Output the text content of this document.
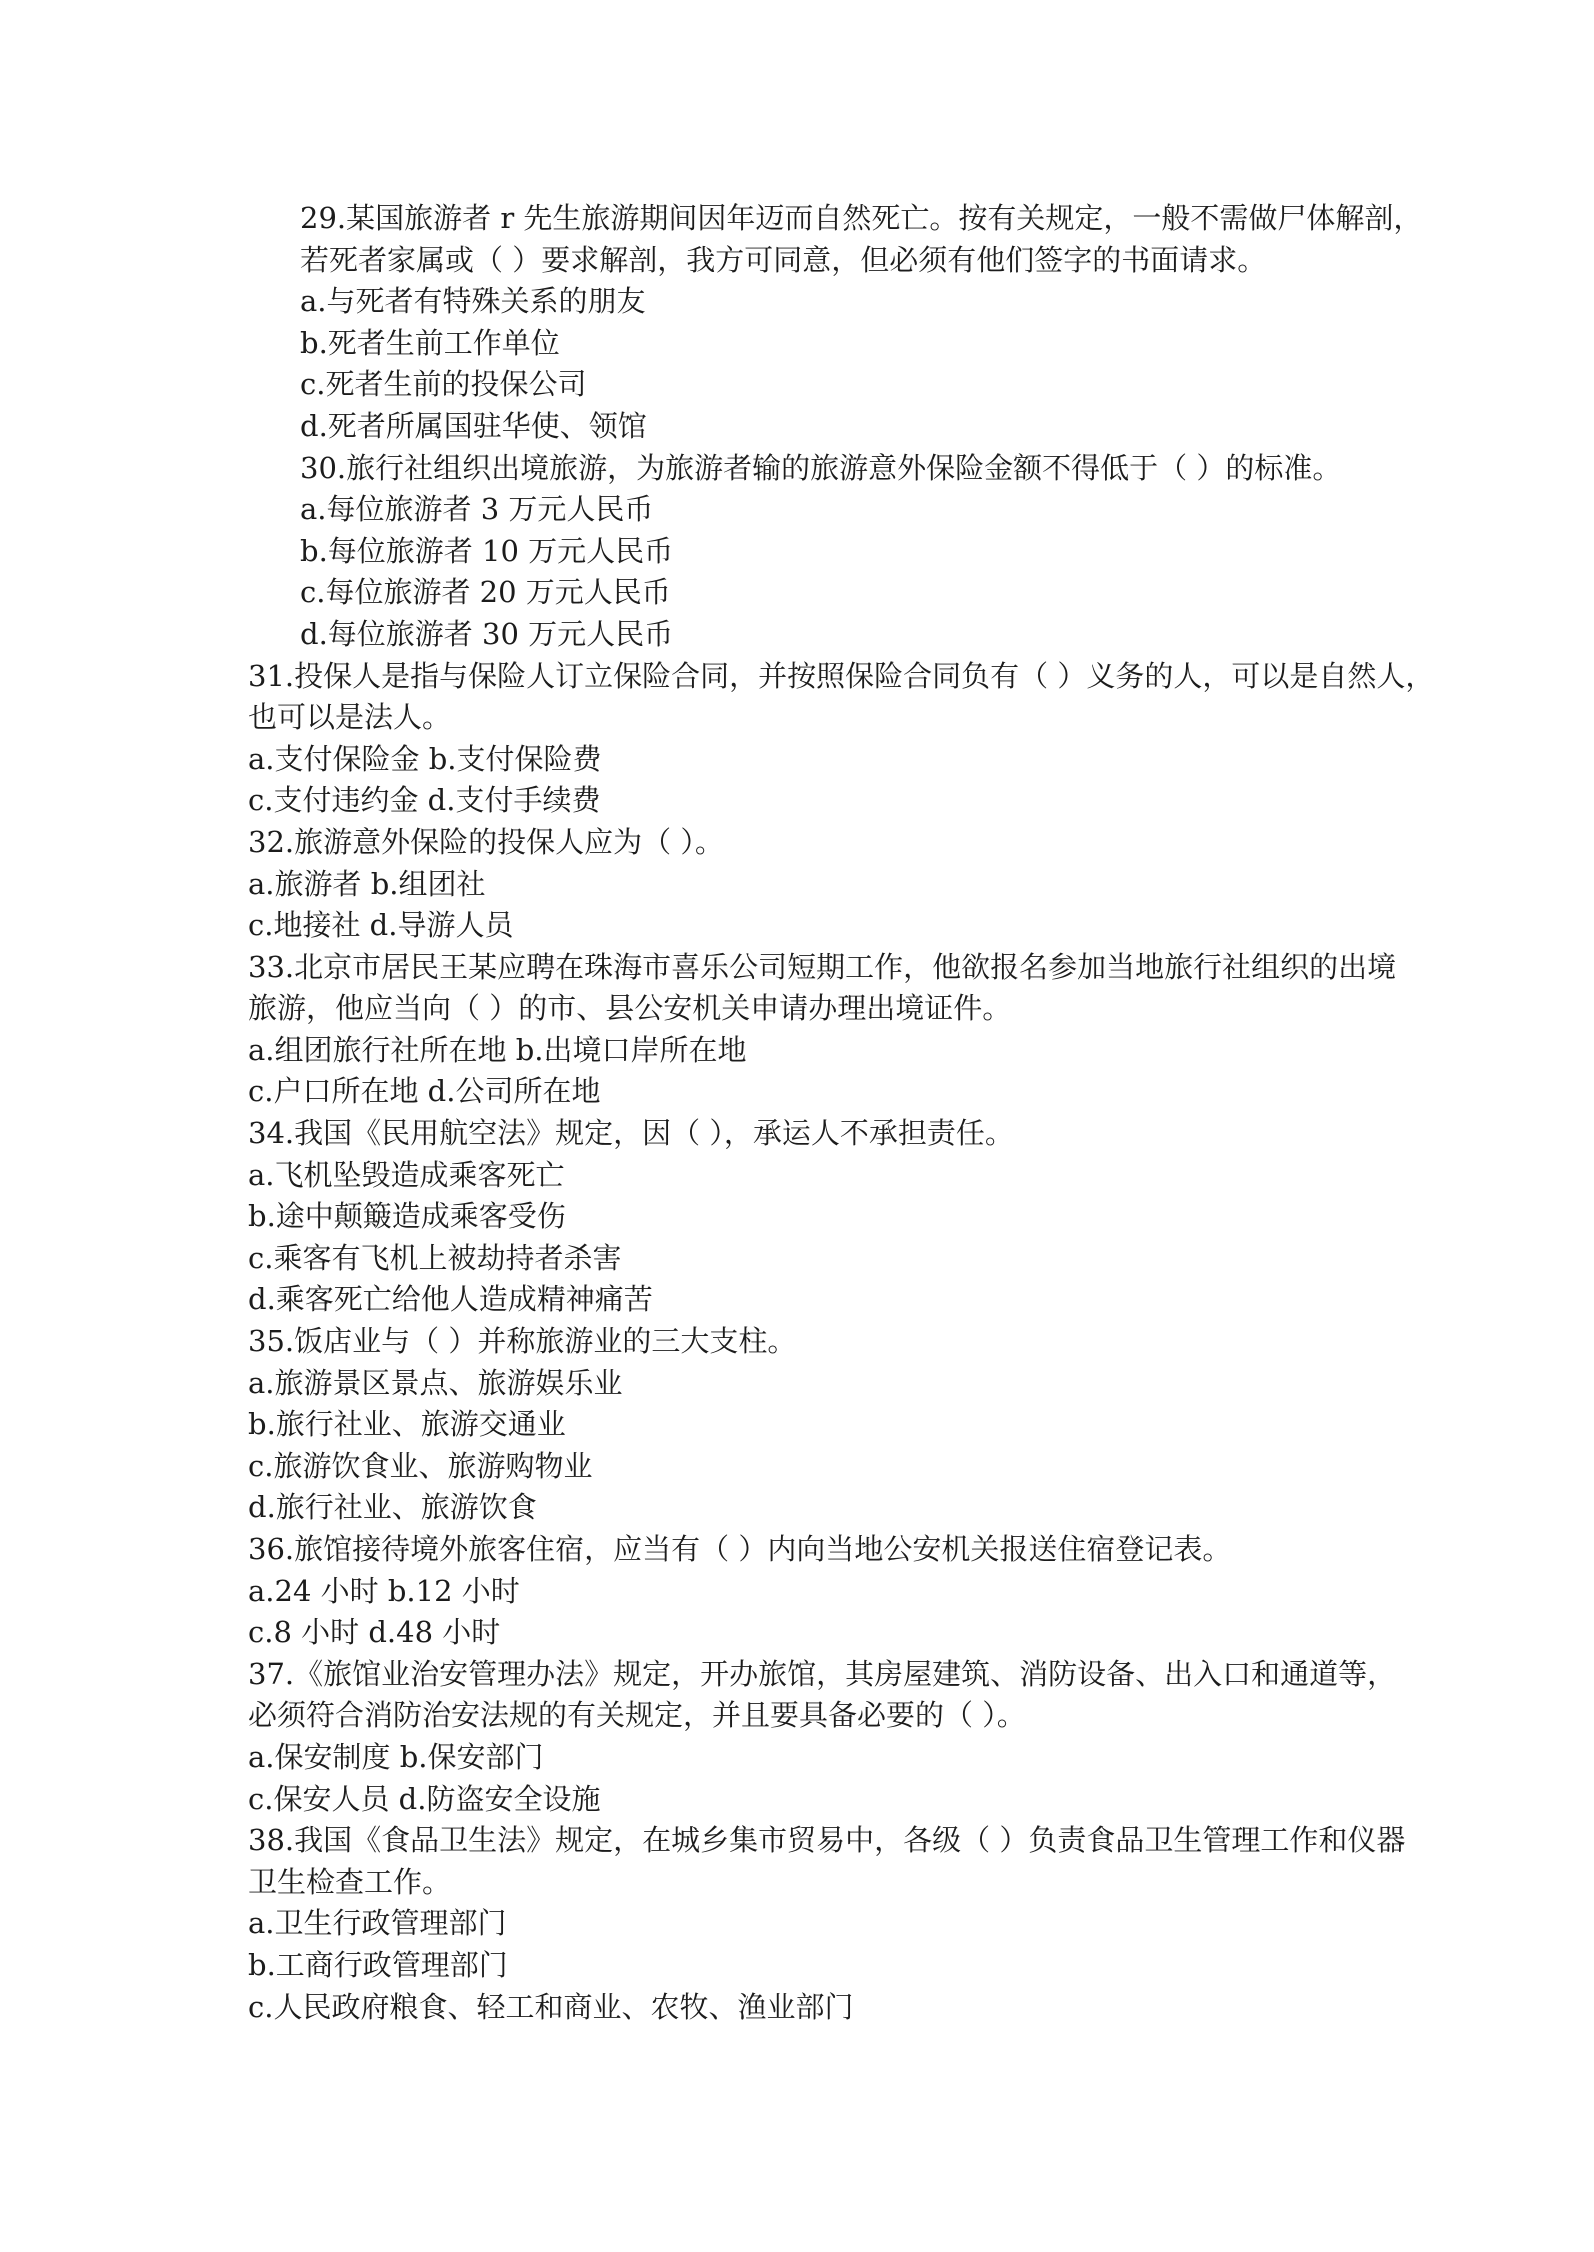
29.某国旅游者 r 先生旅游期间因年迈而自然死亡。按有关规定，一般不需做尸体解剖，
若死者家属或（ ）要求解剖，我方可同意，但必须有他们签字的书面请求。
a.与死者有特殊关系的朋友
b.死者生前工作单位
c.死者生前的投保公司
d.死者所属国驻华使、领馆
30.旅行社组织出境旅游，为旅游者输的旅游意外保险金额不得低于（ ）的标准。
a.每位旅游者 3 万元人民币
b.每位旅游者 10 万元人民币
c.每位旅游者 20 万元人民币
d.每位旅游者 30 万元人民币
31.投保人是指与保险人订立保险合同，并按照保险合同负有（ ）义务的人，可以是自然人，
也可以是法人。
a.支付保险金 b.支付保险费
c.支付违约金 d.支付手续费
32.旅游意外保险的投保人应为（ ）。
a.旅游者 b.组团社
c.地接社 d.导游人员
33.北京市居民王某应聘在珠海市喜乐公司短期工作，他欲报名参加当地旅行社组织的出境
旅游，他应当向（ ）的市、县公安机关申请办理出境证件。
a.组团旅行社所在地 b.出境口岸所在地
c.户口所在地 d.公司所在地
34.我国《民用航空法》规定，因（ ），承运人不承担责任。
a.飞机坠毁造成乘客死亡
b.途中颠簸造成乘客受伤
c.乘客有飞机上被劫持者杀害
d.乘客死亡给他人造成精神痛苦
35.饭店业与（ ）并称旅游业的三大支柱。
a.旅游景区景点、旅游娱乐业
b.旅行社业、旅游交通业
c.旅游饮食业、旅游购物业
d.旅行社业、旅游饮食
36.旅馆接待境外旅客住宿，应当有（ ）内向当地公安机关报送住宿登记表。
a.24 小时 b.12 小时
c.8 小时 d.48 小时
37.《旅馆业治安管理办法》规定，开办旅馆，其房屋建筑、消防设备、出入口和通道等，
必须符合消防治安法规的有关规定，并且要具备必要的（ ）。
a.保安制度 b.保安部门
c.保安人员 d.防盗安全设施
38.我国《食品卫生法》规定，在城乡集市贸易中，各级（ ）负责食品卫生管理工作和仪器
卫生检查工作。
a.卫生行政管理部门
b.工商行政管理部门
c.人民政府粮食、轻工和商业、农牧、渔业部门
